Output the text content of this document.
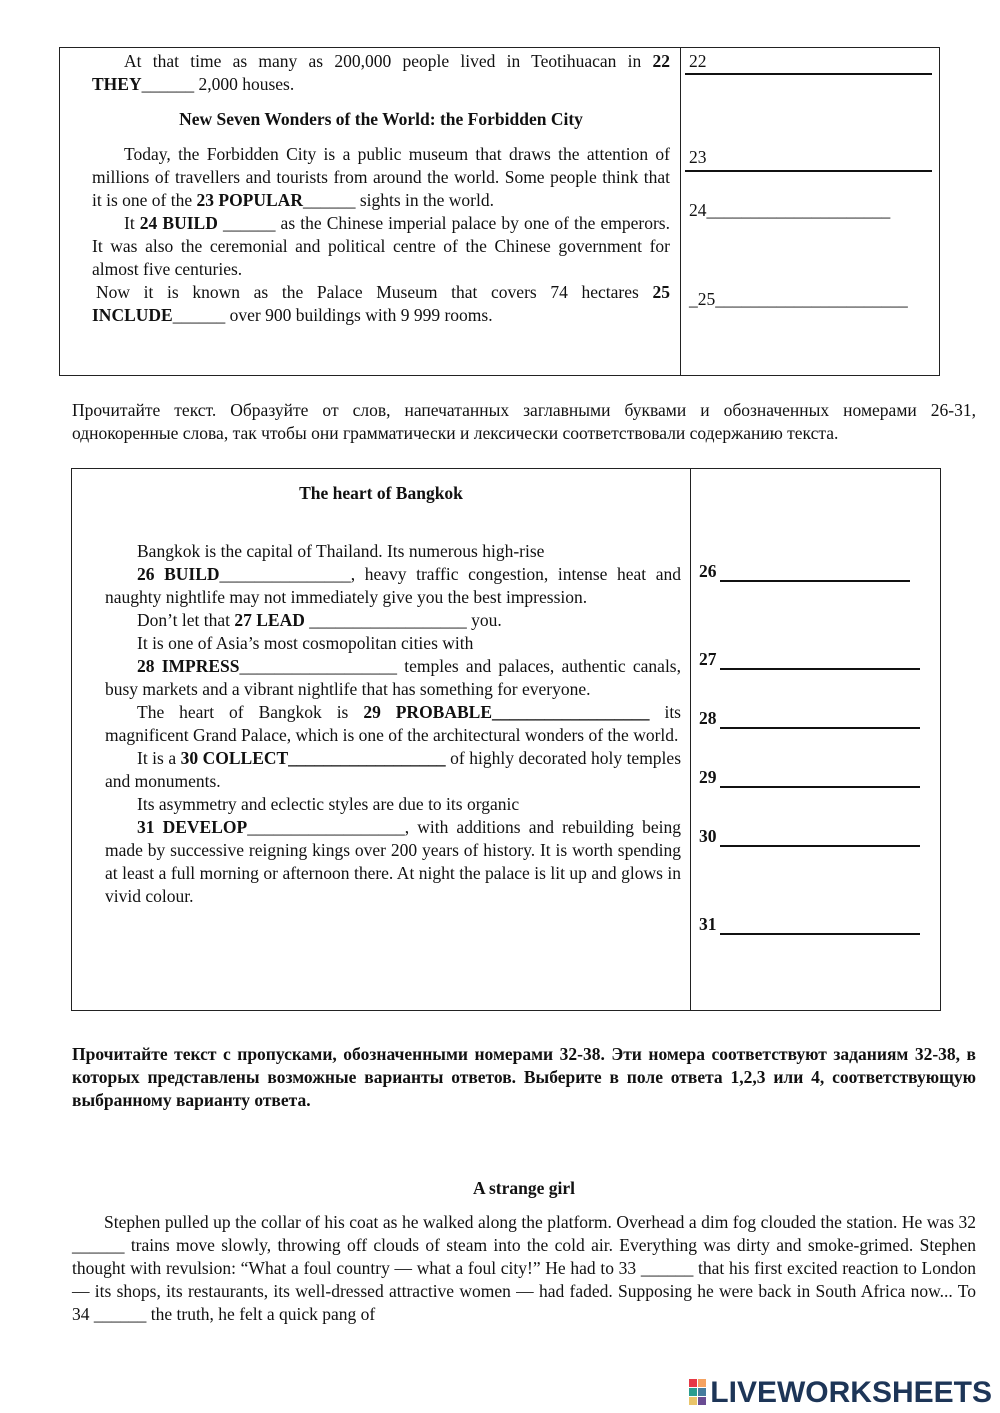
At that time as many as 200,000 people lived in Teotihuacan in 22 THEY______ 2,000 houses.
New Seven Wonders of the World: the Forbidden City
Today, the Forbidden City is a public museum that draws the attention of millions of travellers and tourists from around the world. Some people think that it is one of the 23 POPULAR______ sights in the world.
It 24 BUILD ______ as the Chinese imperial palace by one of the emperors. It was also the ceremonial and political centre of the Chinese government for almost five centuries.
Now it is known as the Palace Museum that covers 74 hectares 25 INCLUDE______ over 900 buildings with 9 999 rooms.
22
23
24_____________________
_25______________________
Прочитайте текст. Образуйте от слов, напечатанных заглавными буквами и обозначенных номерами 26-31, однокоренные слова, так чтобы они грамматически и лексически соответствовали содержанию текста.
The heart of Bangkok
Bangkok is the capital of Thailand. Its numerous high-rise
26 BUILD_______________, heavy traffic congestion, intense heat and naughty nightlife may not immediately give you the best impression.
Don’t let that 27 LEAD __________________ you.
It is one of Asia’s most cosmopolitan cities with
28 IMPRESS__________________ temples and palaces, authentic canals, busy markets and a vibrant nightlife that has something for everyone.
The heart of Bangkok is 29 PROBABLE__________________ its magnificent Grand Palace, which is one of the architectural wonders of the world.
It is a 30 COLLECT__________________ of highly decorated holy temples and monuments.
Its asymmetry and eclectic styles are due to its organic
31 DEVELOP__________________, with additions and rebuilding being made by successive reigning kings over 200 years of history. It is worth spending at least a full morning or afternoon there. At night the palace is lit up and glows in vivid colour.
26
27
28
29
30
31
Прочитайте текст с пропусками, обозначенными номерами 32-38. Эти номера соответствуют заданиям 32-38, в которых представлены возможные варианты ответов. Выберите в поле ответа 1,2,3 или 4, соответствующую выбранному варианту ответа.
A strange girl
Stephen pulled up the collar of his coat as he walked along the platform. Overhead a dim fog clouded the station. He was 32 ______ trains move slowly, throwing off clouds of steam into the cold air. Everything was dirty and smoke-grimed. Stephen thought with revulsion: “What a foul country — what a foul city!” He had to 33 ______ that his first excited reaction to London — its shops, its restaurants, its well-dressed attractive women — had faded. Supposing he were back in South Africa now... To 34 ______ the truth, he felt a quick pang of
LIVEWORKSHEETS
